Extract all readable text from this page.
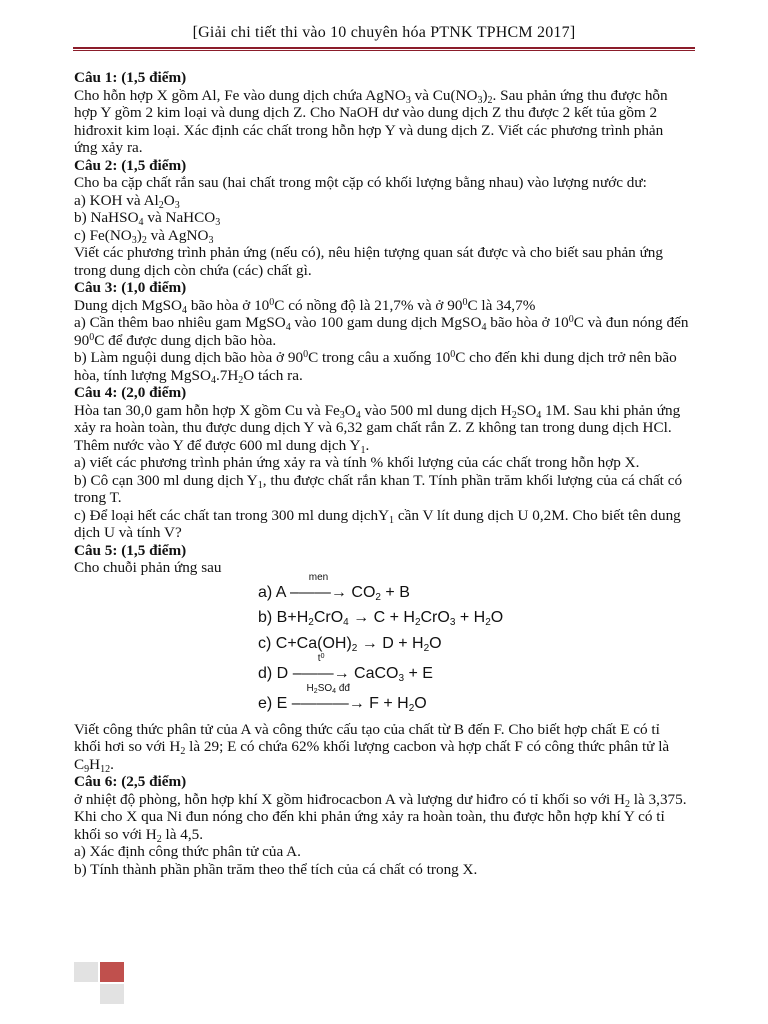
[Giải chi tiết thi vào 10 chuyên hóa PTNK TPHCM 2017]

Câu 1: (1,5 điểm)

Cho hỗn hợp X gồm Al, Fe vào dung dịch chứa AgNO$_3$ và $Cu(NO_3)_2$. Sau phản ứng thu được hỗn hợp Y gồm 2 kim loại và dung dịch Z. Cho NaOH dư vào dung dịch Z thu được 2 kết tủa gồm 2 hiđroxit kim loại. Xác định các chất trong hỗn hợp Y và dung dịch Z. Viết các phương trình phản ứng xảy ra.

Câu 2: (1,5 điểm)

Cho ba cặp chất rắn sau (hai chất trong một cặp có khối lượng bằng nhau) vào lượng nước dư:

a) KOH và $Al_2O_3$

b) NaHSO$_4$ và NaHCO$_3$

c) $Fe(NO_3)_2$ và AgNO$_3$

Viết các phương trình phản ứng (nếu có), nêu hiện tượng quan sát được và cho biết sau phản ứng trong dung dịch còn chứa (các) chất gì.

Câu 3: (1,0 điểm)

Dung dịch MgSO$_4$ bão hòa ở $10^0C$ có nồng độ là 21,7% và ở $90^0C$ là 34,7%

a) Cần thêm bao nhiêu gam MgSO$_4$ vào 100 gam dung dịch MgSO$_4$ bão hòa ở $10^0C$ và đun nóng đến $90^0C$ để được dung dịch bão hòa.

b) Làm nguội dung dịch bão hòa ở $90^0C$ trong câu a xuống $10^0C$ cho đến khi dung dịch trở nên bão hòa, tính lượng $MgSO_4.7H_2O$ tách ra.

Câu 4: (2,0 điểm)

Hòa tan 30,0 gam hỗn hợp X gồm Cu và $Fe_3O_4$ vào 500 ml dung dịch $H_2SO_4$ 1M. Sau khi phản ứng xảy ra hoàn toàn, thu được dung dịch Y và 6,32 gam chất rắn Z. Z không tan trong dung dịch HCl. Thêm nước vào Y để được 600 ml dung dịch $Y_1$.

a) viết các phương trình phản ứng xảy ra và tính % khối lượng của các chất trong hỗn hợp X.

b) Cô cạn 300 ml dung dịch $Y_1$, thu được chất rắn khan T. Tính phần trăm khối lượng của cá chất có trong T.

c) Để loại hết các chất tan trong 300 ml dung dịchY$_1$ cần V lít dung dịch U 0,2M. Cho biết tên dung dịch U và tính V?

Câu 5: (1,5 điểm)

Cho chuỗi phản ứng sau

a) A
men
–——→ $CO_2 + B$
b) $B+H_2CrO_4 \to C + H_2CrO_3 + H_2O$
c) $C+Ca(OH)_2 \to D + H_2O$
d) D
$t^0$
–——→ CaCO$_3$ + E
e) E
$H_2SO_4$ đđ
–———→ $F + H_2O$

Viết công thức phân tử của A và công thức cấu tạo của chất từ B đến F. Cho biết hợp chất E có tỉ khối hơi so với $H_2$ là 29; E có chứa 62% khối lượng cacbon và hợp chất F có công thức phân tử là $C_9H_{12}$.

Câu 6: (2,5 điểm)

ở nhiệt độ phòng, hỗn hợp khí X gồm hiđrocacbon A và lượng dư hiđro có tỉ khối so với $H_2$ là 3,375. Khi cho X qua Ni đun nóng cho đến khi phản ứng xảy ra hoàn toàn, thu được hỗn hợp khí Y có tỉ khối so với $H_2$ là 4,5.

a) Xác định công thức phân tử của A.

b) Tính thành phần phần trăm theo thể tích của cá chất có trong X.
